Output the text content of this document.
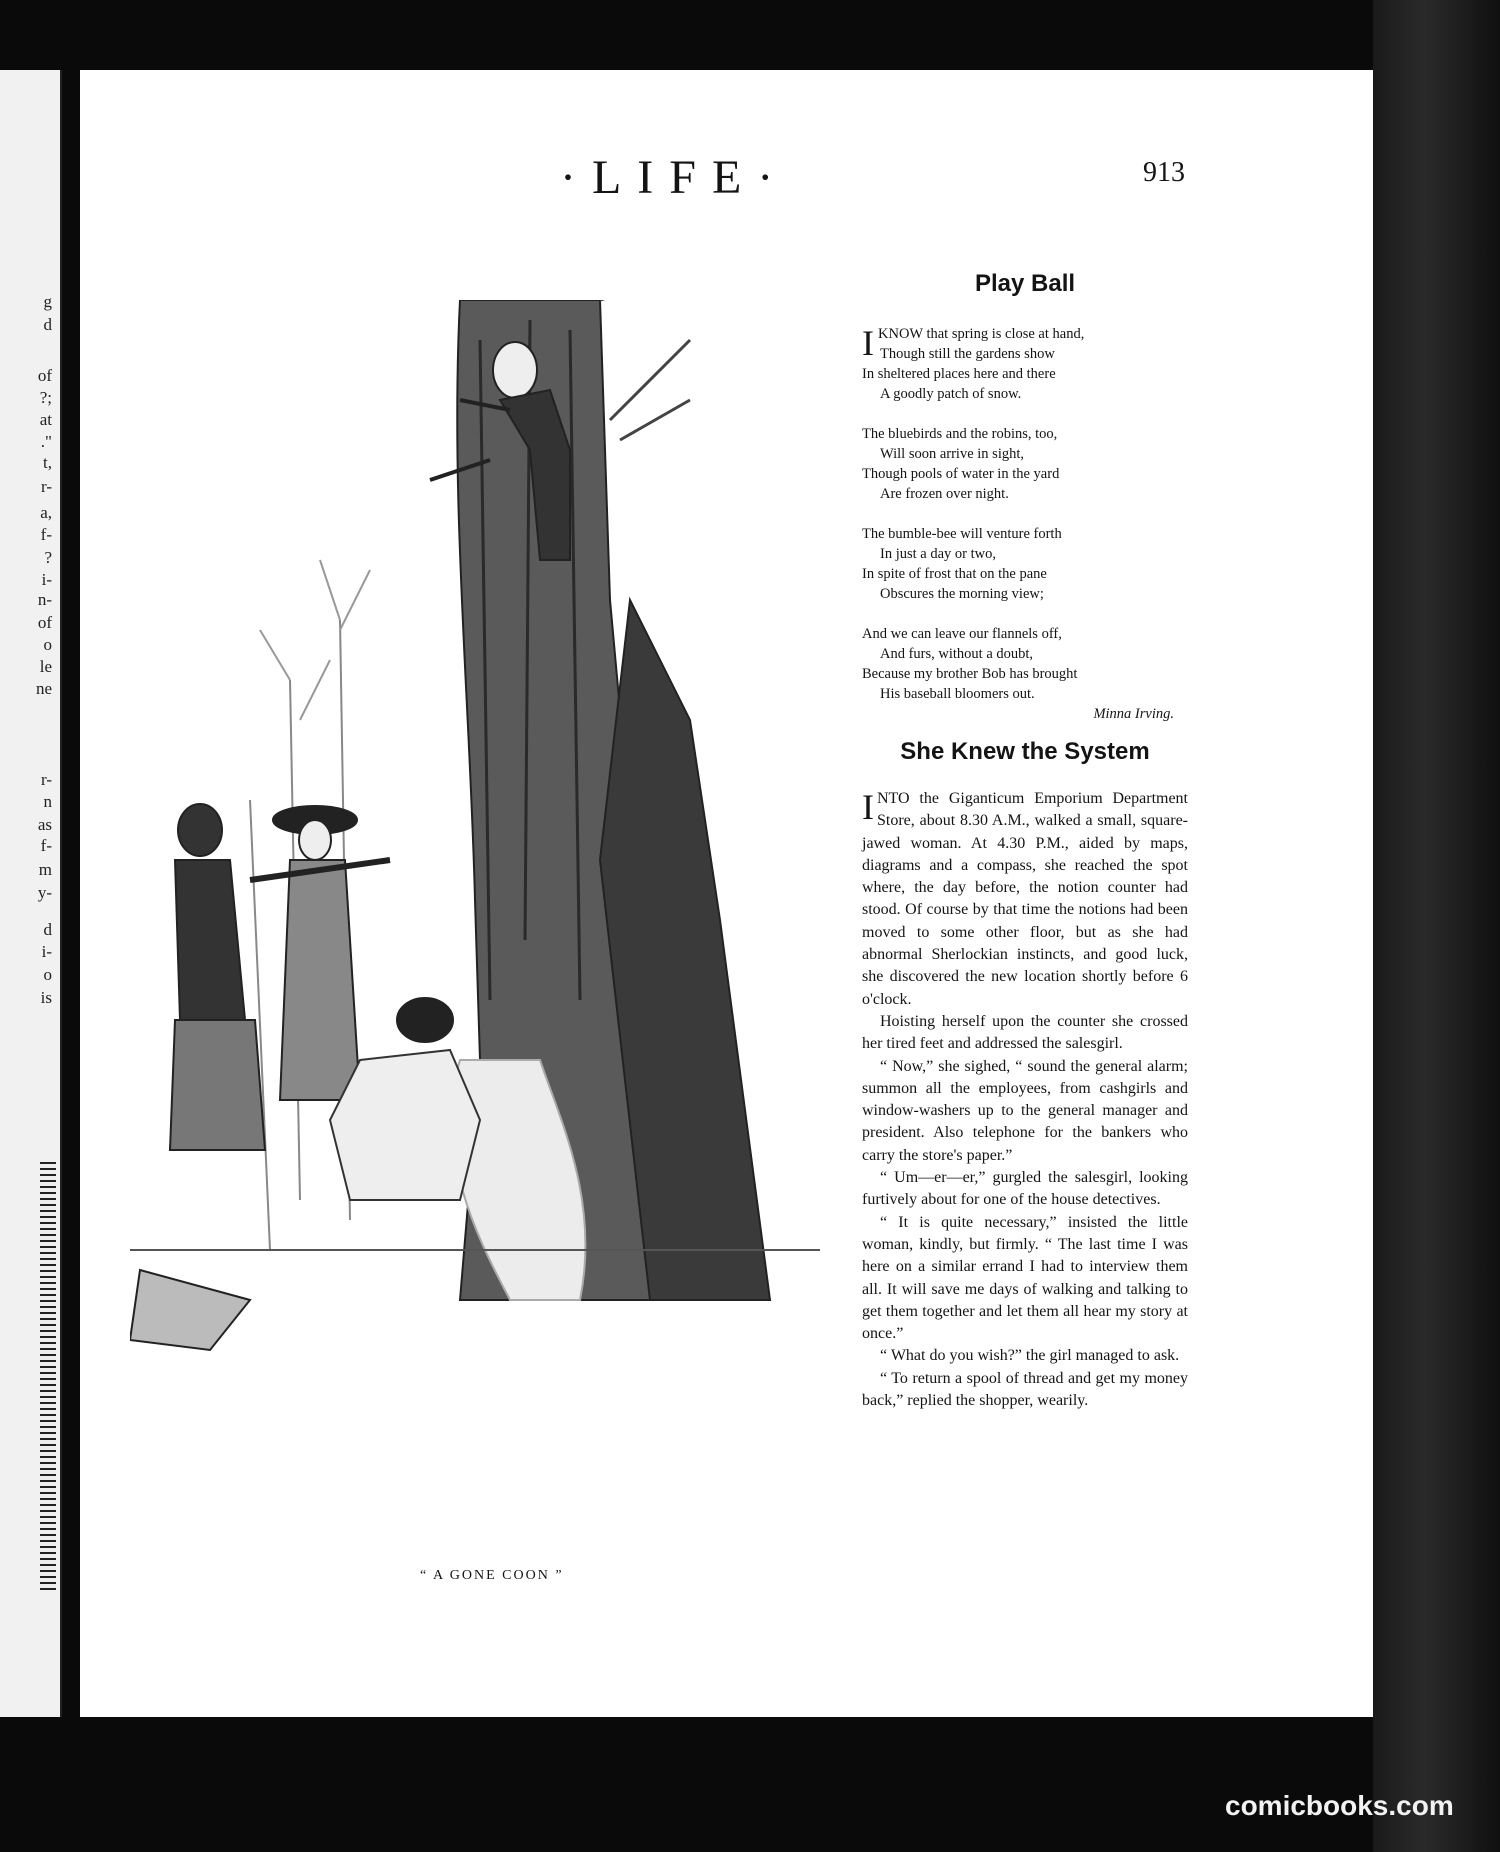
g
d
of
?;
at
."
t,
r-
a,
f-
?
i-
n-
of
o
le
ne
r-
n
as
f-
m
y-
d
i-
o
is
·LIFE·	913
“ A GONE COON ”
Play Ball
IKNOW that spring is close at hand,
Though still the gardens show
In sheltered places here and there
A goodly patch of snow.
The bluebirds and the robins, too,
Will soon arrive in sight,
Though pools of water in the yard
Are frozen over night.
The bumble-bee will venture forth
In just a day or two,
In spite of frost that on the pane
Obscures the morning view;
And we can leave our flannels off,
And furs, without a doubt,
Because my brother Bob has brought
His baseball bloomers out.
Minna Irving.
She Knew the System

INTO the Giganticum Emporium Department Store, about 8.30 A.M., walked a small, square-jawed woman. At 4.30 P.M., aided by maps, diagrams and a compass, she reached the spot where, the day before, the notion counter had stood. Of course by that time the notions had been moved to some other floor, but as she had abnormal Sherlockian instincts, and good luck, she discovered the new location shortly before 6 o'clock.

Hoisting herself upon the counter she crossed her tired feet and addressed the salesgirl.

“ Now,” she sighed, “ sound the general alarm; summon all the employees, from cashgirls and window-washers up to the general manager and president. Also telephone for the bankers who carry the store's paper.”

“ Um—er—er,” gurgled the salesgirl, looking furtively about for one of the house detectives.

“ It is quite necessary,” insisted the little woman, kindly, but firmly. “ The last time I was here on a similar errand I had to interview them all. It will save me days of walking and talking to get them together and let them all hear my story at once.”

“ What do you wish?” the girl managed to ask.

“ To return a spool of thread and get my money back,” replied the shopper, wearily.

comicbooks.com
